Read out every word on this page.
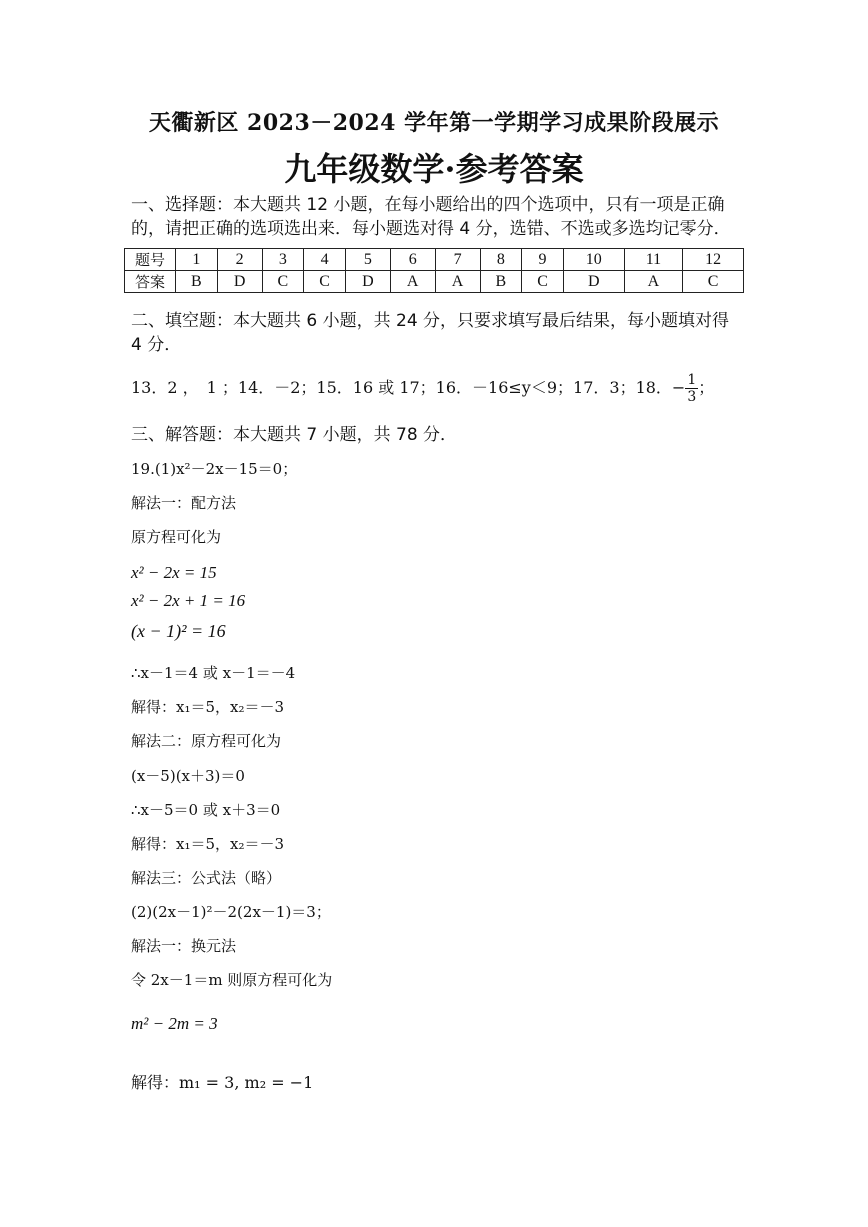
天衢新区 2023－2024 学年第一学期学习成果阶段展示
九年级数学·参考答案
一、选择题：本大题共 12 小题，在每小题给出的四个选项中，只有一项是正确的，请把正确的选项选出来．每小题选对得 4 分，选错、不选或多选均记零分．
题号	1	2	3	4	5	6	7	8	9	10	11	12
答案	B	D	C	C	D	A	A	B	C	D	A	C
二、填空题：本大题共 6 小题，共 24 分，只要求填写最后结果，每小题填对得 4 分．
13．2 ，　1 ；14．－2；15．16 或 17；16．－16≤y＜9；17．3；18．− $\frac{1}{3}$ ；
三、解答题：本大题共 7 小题，共 78 分．
19.(1)x²－2x－15＝0；
解法一：配方法
原方程可化为
x² − 2x = 15
x² − 2x + 1 = 16
(x − 1)² = 16
∴x－1＝4 或 x－1＝－4
解得：x₁＝5，x₂＝－3
解法二：原方程可化为
(x－5)(x＋3)＝0
∴x－5＝0 或 x＋3＝0
解得：x₁＝5，x₂＝－3
解法三：公式法（略）
(2)(2x－1)²－2(2x－1)＝3；
解法一：换元法
令 2x－1＝m 则原方程可化为
m² − 2m = 3
解得：m₁ = 3, m₂ = −1
